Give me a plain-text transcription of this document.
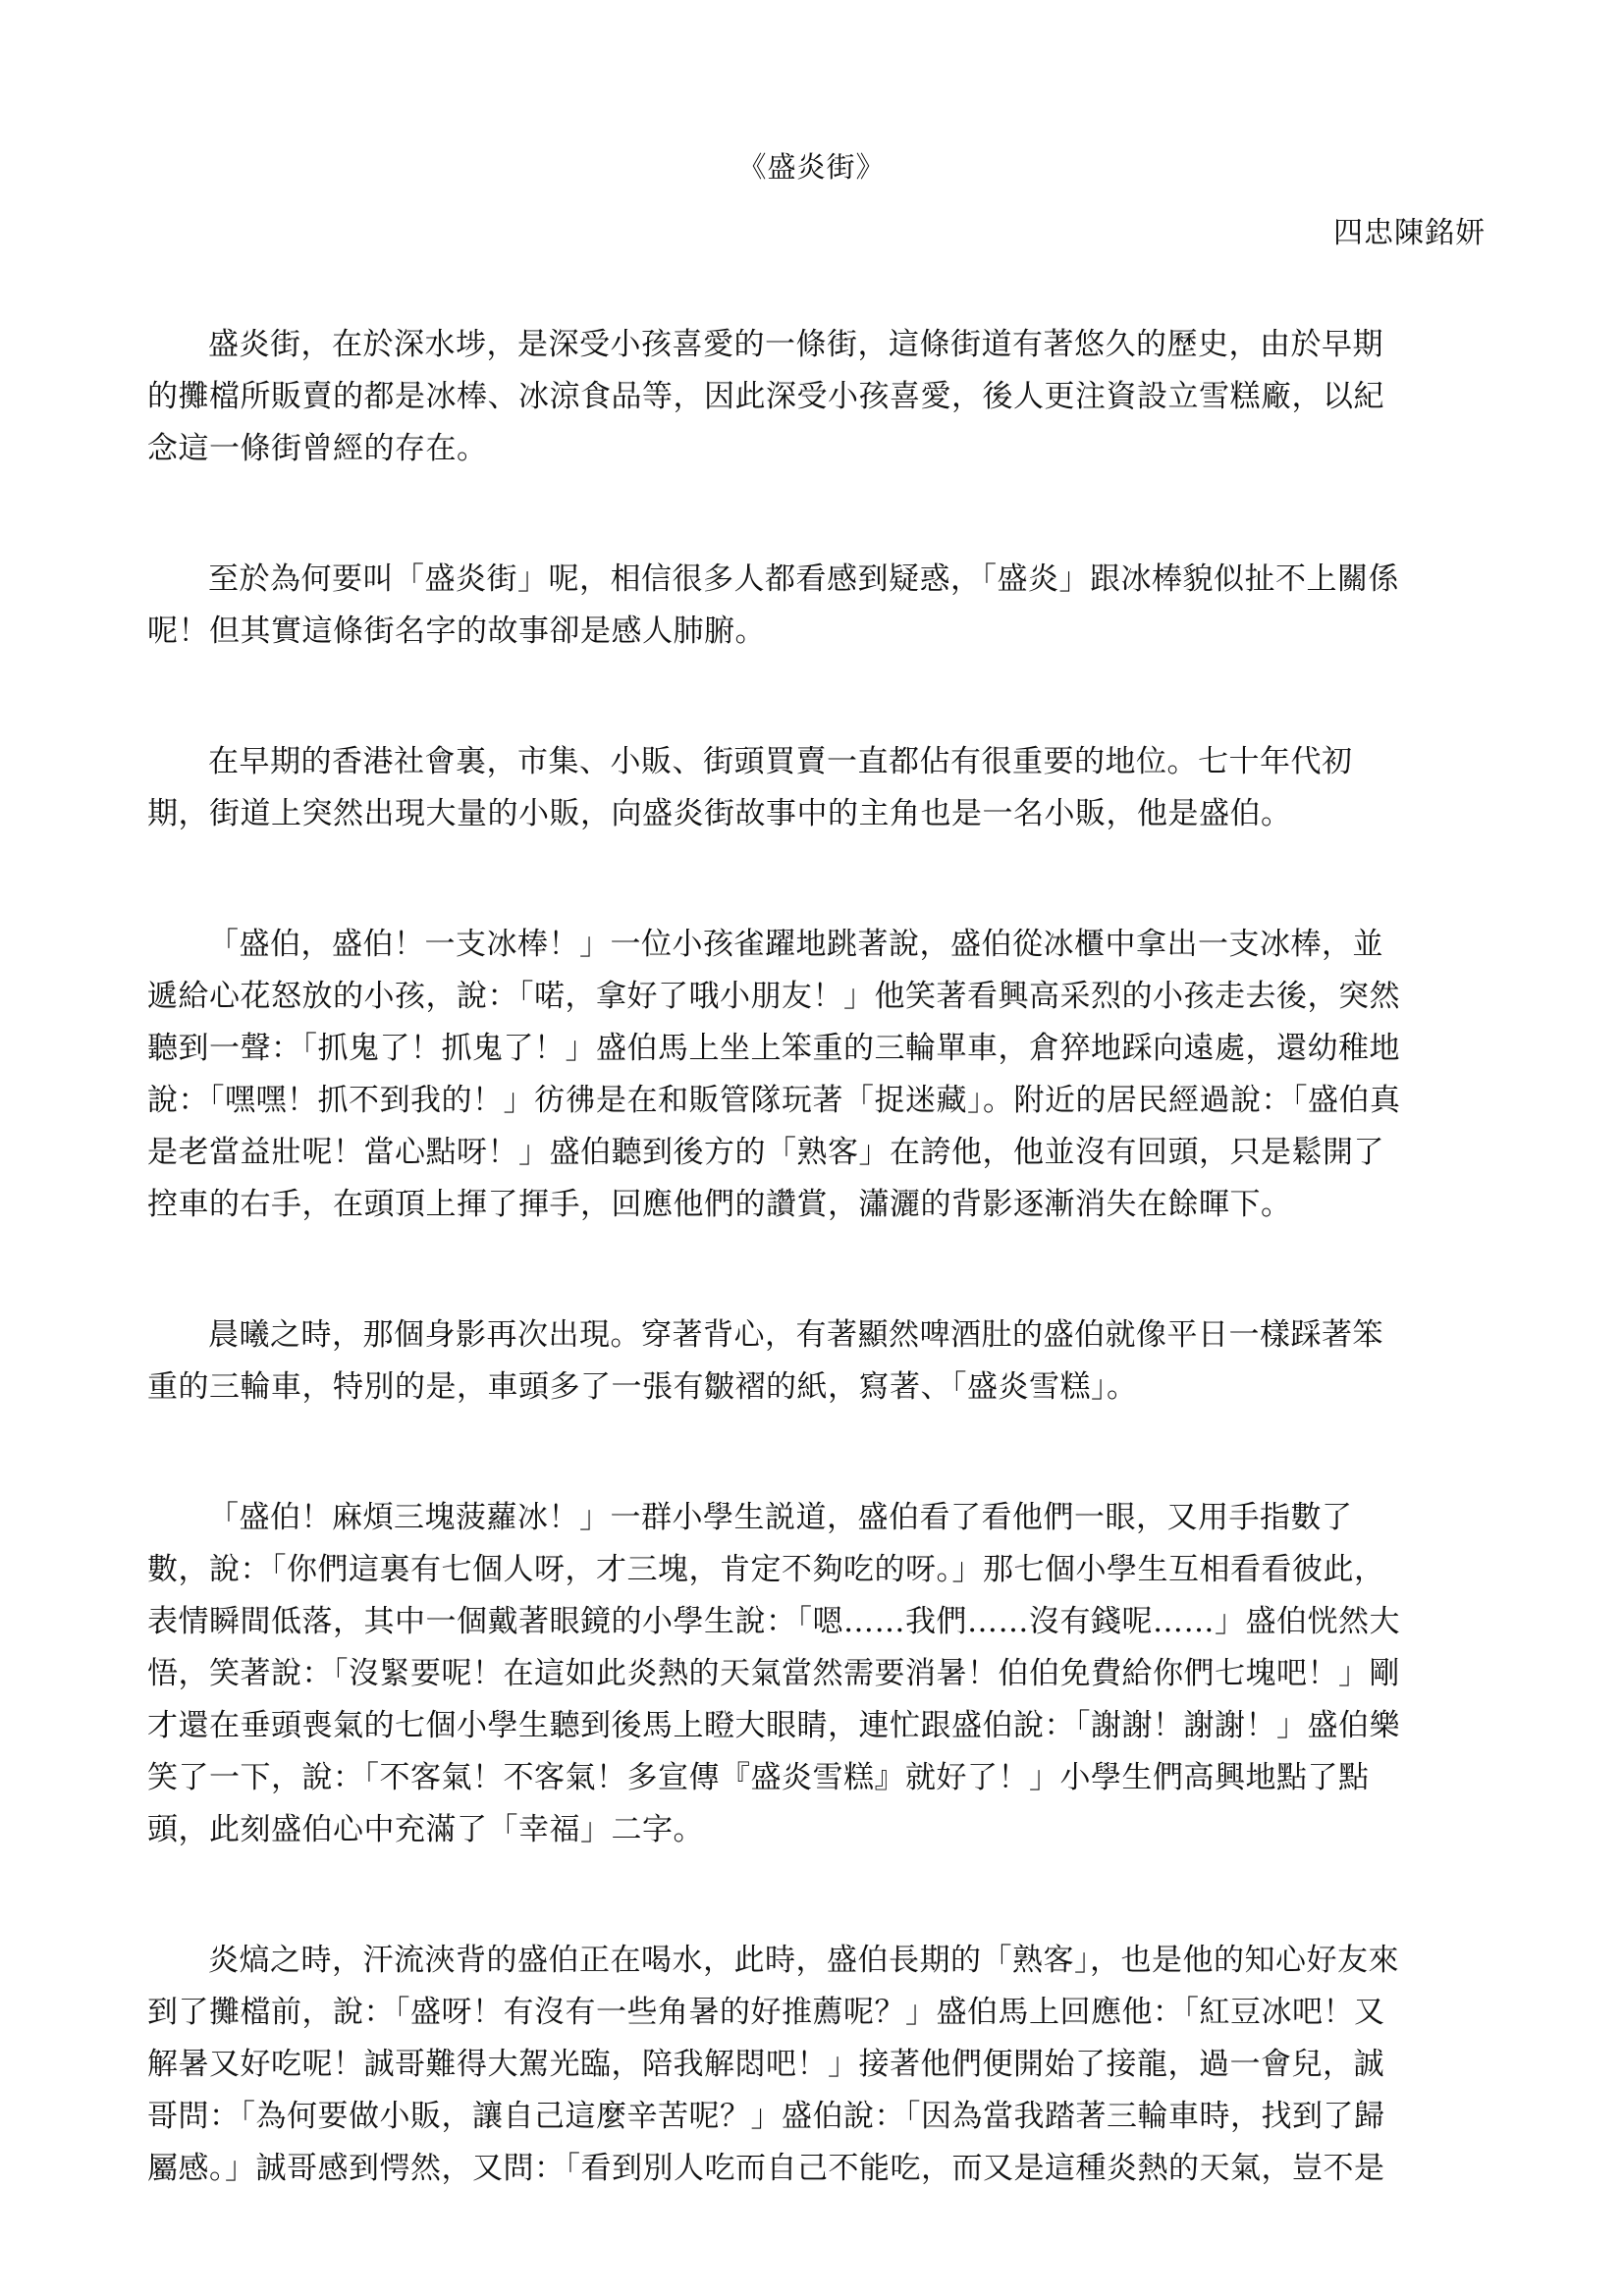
《盛炎街》
四忠陳銘妍
盛炎街，在於深水埗，是深受小孩喜愛的一條街，這條街道有著悠久的歷史，由於早期
的攤檔所販賣的都是冰棒、冰涼食品等，因此深受小孩喜愛，後人更注資設立雪糕廠，以紀
念這一條街曾經的存在。
至於為何要叫「盛炎街」呢，相信很多人都看感到疑惑，「盛炎」跟冰棒貌似扯不上關係
呢！但其實這條街名字的故事卻是感人肺腑。
在早期的香港社會裏，市集、小販、街頭買賣一直都佔有很重要的地位。七十年代初
期，街道上突然出現大量的小販，向盛炎街故事中的主角也是一名小販，他是盛伯。
「盛伯，盛伯！一支冰棒！」一位小孩雀躍地跳著說，盛伯從冰櫃中拿出一支冰棒，並
遞給心花怒放的小孩，說：「喏，拿好了哦小朋友！」他笑著看興高采烈的小孩走去後，突然
聽到一聲：「抓鬼了！抓鬼了！」盛伯馬上坐上笨重的三輪單車，倉猝地踩向遠處，還幼稚地
說：「嘿嘿！抓不到我的！」彷彿是在和販管隊玩著「捉迷藏」。附近的居民經過說：「盛伯真
是老當益壯呢！當心點呀！」盛伯聽到後方的「熟客」在誇他，他並沒有回頭，只是鬆開了
控車的右手，在頭頂上揮了揮手，回應他們的讚賞，瀟灑的背影逐漸消失在餘暉下。
晨曦之時，那個身影再次出現。穿著背心，有著顯然啤酒肚的盛伯就像平日一樣踩著笨
重的三輪車，特別的是，車頭多了一張有皺褶的紙，寫著、「盛炎雪糕」。
「盛伯！麻煩三塊菠蘿冰！」一群小學生説道，盛伯看了看他們一眼，又用手指數了
數，說：「你們這裏有七個人呀，才三塊，肯定不夠吃的呀。」那七個小學生互相看看彼此，
表情瞬間低落，其中一個戴著眼鏡的小學生說：「嗯……我們……沒有錢呢……」盛伯恍然大
悟，笑著說：「沒緊要呢！在這如此炎熱的天氣當然需要消暑！伯伯免費給你們七塊吧！」剛
才還在垂頭喪氣的七個小學生聽到後馬上瞪大眼睛，連忙跟盛伯說：「謝謝！謝謝！」盛伯樂
笑了一下，說：「不客氣！不客氣！多宣傳『盛炎雪糕』就好了！」小學生們高興地點了點
頭，此刻盛伯心中充滿了「幸福」二字。
炎熇之時，汗流浹背的盛伯正在喝水，此時，盛伯長期的「熟客」，也是他的知心好友來
到了攤檔前，說：「盛呀！有沒有一些角暑的好推薦呢？」盛伯馬上回應他：「紅豆冰吧！又
解暑又好吃呢！誠哥難得大駕光臨，陪我解悶吧！」接著他們便開始了接龍，過一會兒，誠
哥問：「為何要做小販，讓自己這麼辛苦呢？」盛伯說：「因為當我踏著三輪車時，找到了歸
屬感。」誠哥感到愕然，又問：「看到別人吃而自己不能吃，而又是這種炎熱的天氣，豈不是
